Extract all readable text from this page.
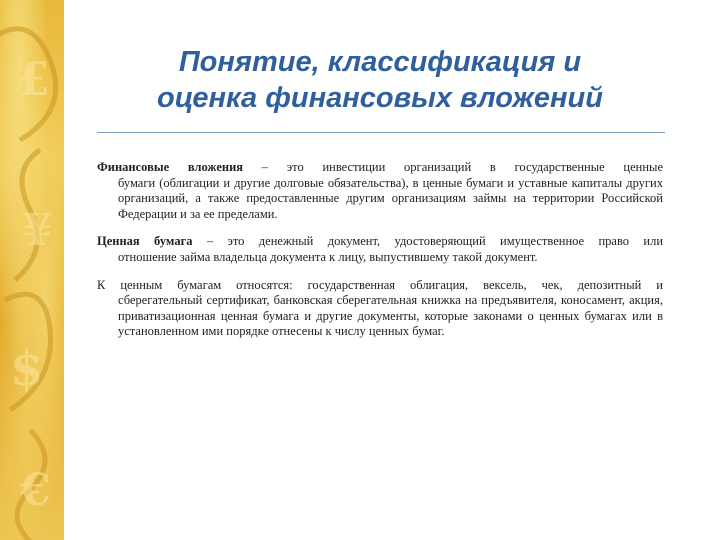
£
¥
$
€
Понятие, классификация и
оценка финансовых вложений

Финансовые вложения – это инвестиции организаций в государственные ценные
бумаги (облигации и другие долговые обязательства), в ценные бумаги и уставные капиталы других организаций, а также предоставленные другим организациям займы на территории Российской Федерации и за ее пределами.

Ценная бумага – это денежный документ, удостоверяющий имущественное право или
отношение займа владельца документа к лицу, выпустившему такой документ.

К ценным бумагам относятся: государственная облигация, вексель, чек, депозитный и
сберегательный сертификат, банковская сберегательная книжка на предъявителя, коносамент, акция, приватизационная ценная бумага и другие документы, которые законами о ценных бумагах или в установленном ими порядке отнесены к числу ценных бумаг.
